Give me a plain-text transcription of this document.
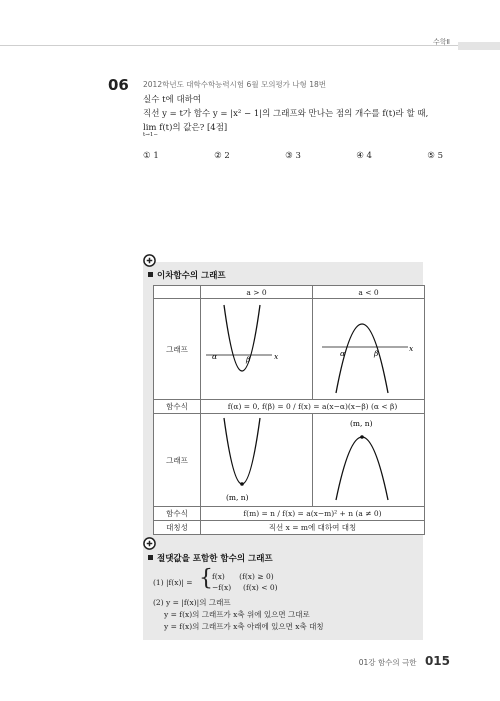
수학Ⅱ
06 2012학년도 대학수학능력시험 6월 모의평가 나형 18번
실수 t에 대하여
직선 y = t가 함수 y = |x² − 1|의 그래프와 만나는 점의 개수를 f(t)라 할 때,
lim f(t)의 값은? [4점]
t→1−
① 1	② 2	③ 3	④ 4	⑤ 5
이차함수의 그래프
	a > 0	a < 0
그래프	α β x	α β
x

함수식	f(α) = 0, f(β) = 0 / f(x) = a(x−α)(x−β) (α < β)	
그래프	(m, n)	(m, n)

함수식	f(m) = n / f(x) = a(x−m)² + n (a ≠ 0)	
대칭성	직선 x = m에 대하여 대칭	
절댓값을 포함한 함수의 그래프
(1) |f(x)| = { f(x)      (f(x) ≥ 0)
−f(x)     (f(x) < 0)
(2) y = |f(x)|의 그래프
y = f(x)의 그래프가 x축 위에 있으면 그대로
y = f(x)의 그래프가 x축 아래에 있으면 x축 대칭
01강 함수의 극한 015
